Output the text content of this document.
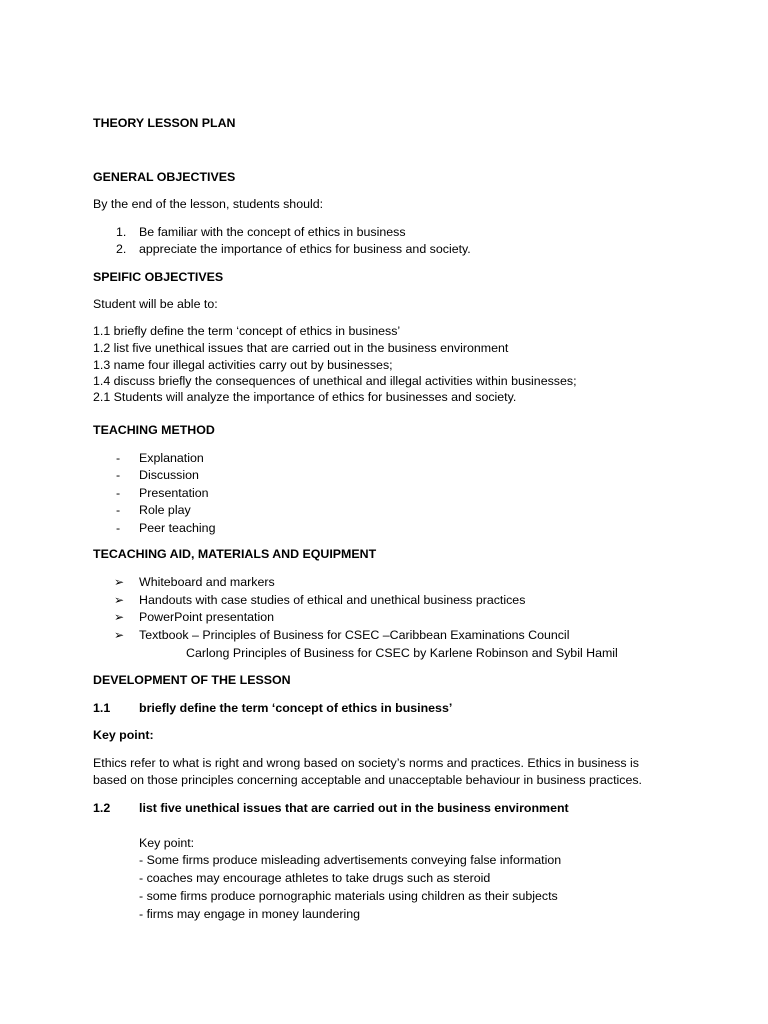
THEORY LESSON PLAN
GENERAL OBJECTIVES
By the end of the lesson, students should:
1. Be familiar with the concept of ethics in business
2. appreciate the importance of ethics for business and society.
SPEIFIC OBJECTIVES
Student will be able to:
1.1 briefly define the term ‘concept of ethics in business’
1.2 list five unethical issues that are carried out in the business environment
1.3 name four illegal activities carry out by businesses;
1.4 discuss briefly the consequences of unethical and illegal activities within businesses;
2.1 Students will analyze the importance of ethics for businesses and society.
TEACHING METHOD
- Explanation
- Discussion
- Presentation
- Role play
- Peer teaching
TECACHING AID, MATERIALS AND EQUIPMENT
➢ Whiteboard and markers
➢ Handouts with case studies of ethical and unethical business practices
➢ PowerPoint presentation
➢ Textbook – Principles of Business for CSEC –Caribbean Examinations Council
Carlong Principles of Business for CSEC by Karlene Robinson and Sybil Hamil
DEVELOPMENT OF THE LESSON
1.1 briefly define the term ‘concept of ethics in business’
Key point:
Ethics refer to what is right and wrong based on society’s norms and practices. Ethics in business is
based on those principles concerning acceptable and unacceptable behaviour in business practices.
1.2 list five unethical issues that are carried out in the business environment
Key point:
- Some firms produce misleading advertisements conveying false information
- coaches may encourage athletes to take drugs such as steroid
- some firms produce pornographic materials using children as their subjects
- firms may engage in money laundering
